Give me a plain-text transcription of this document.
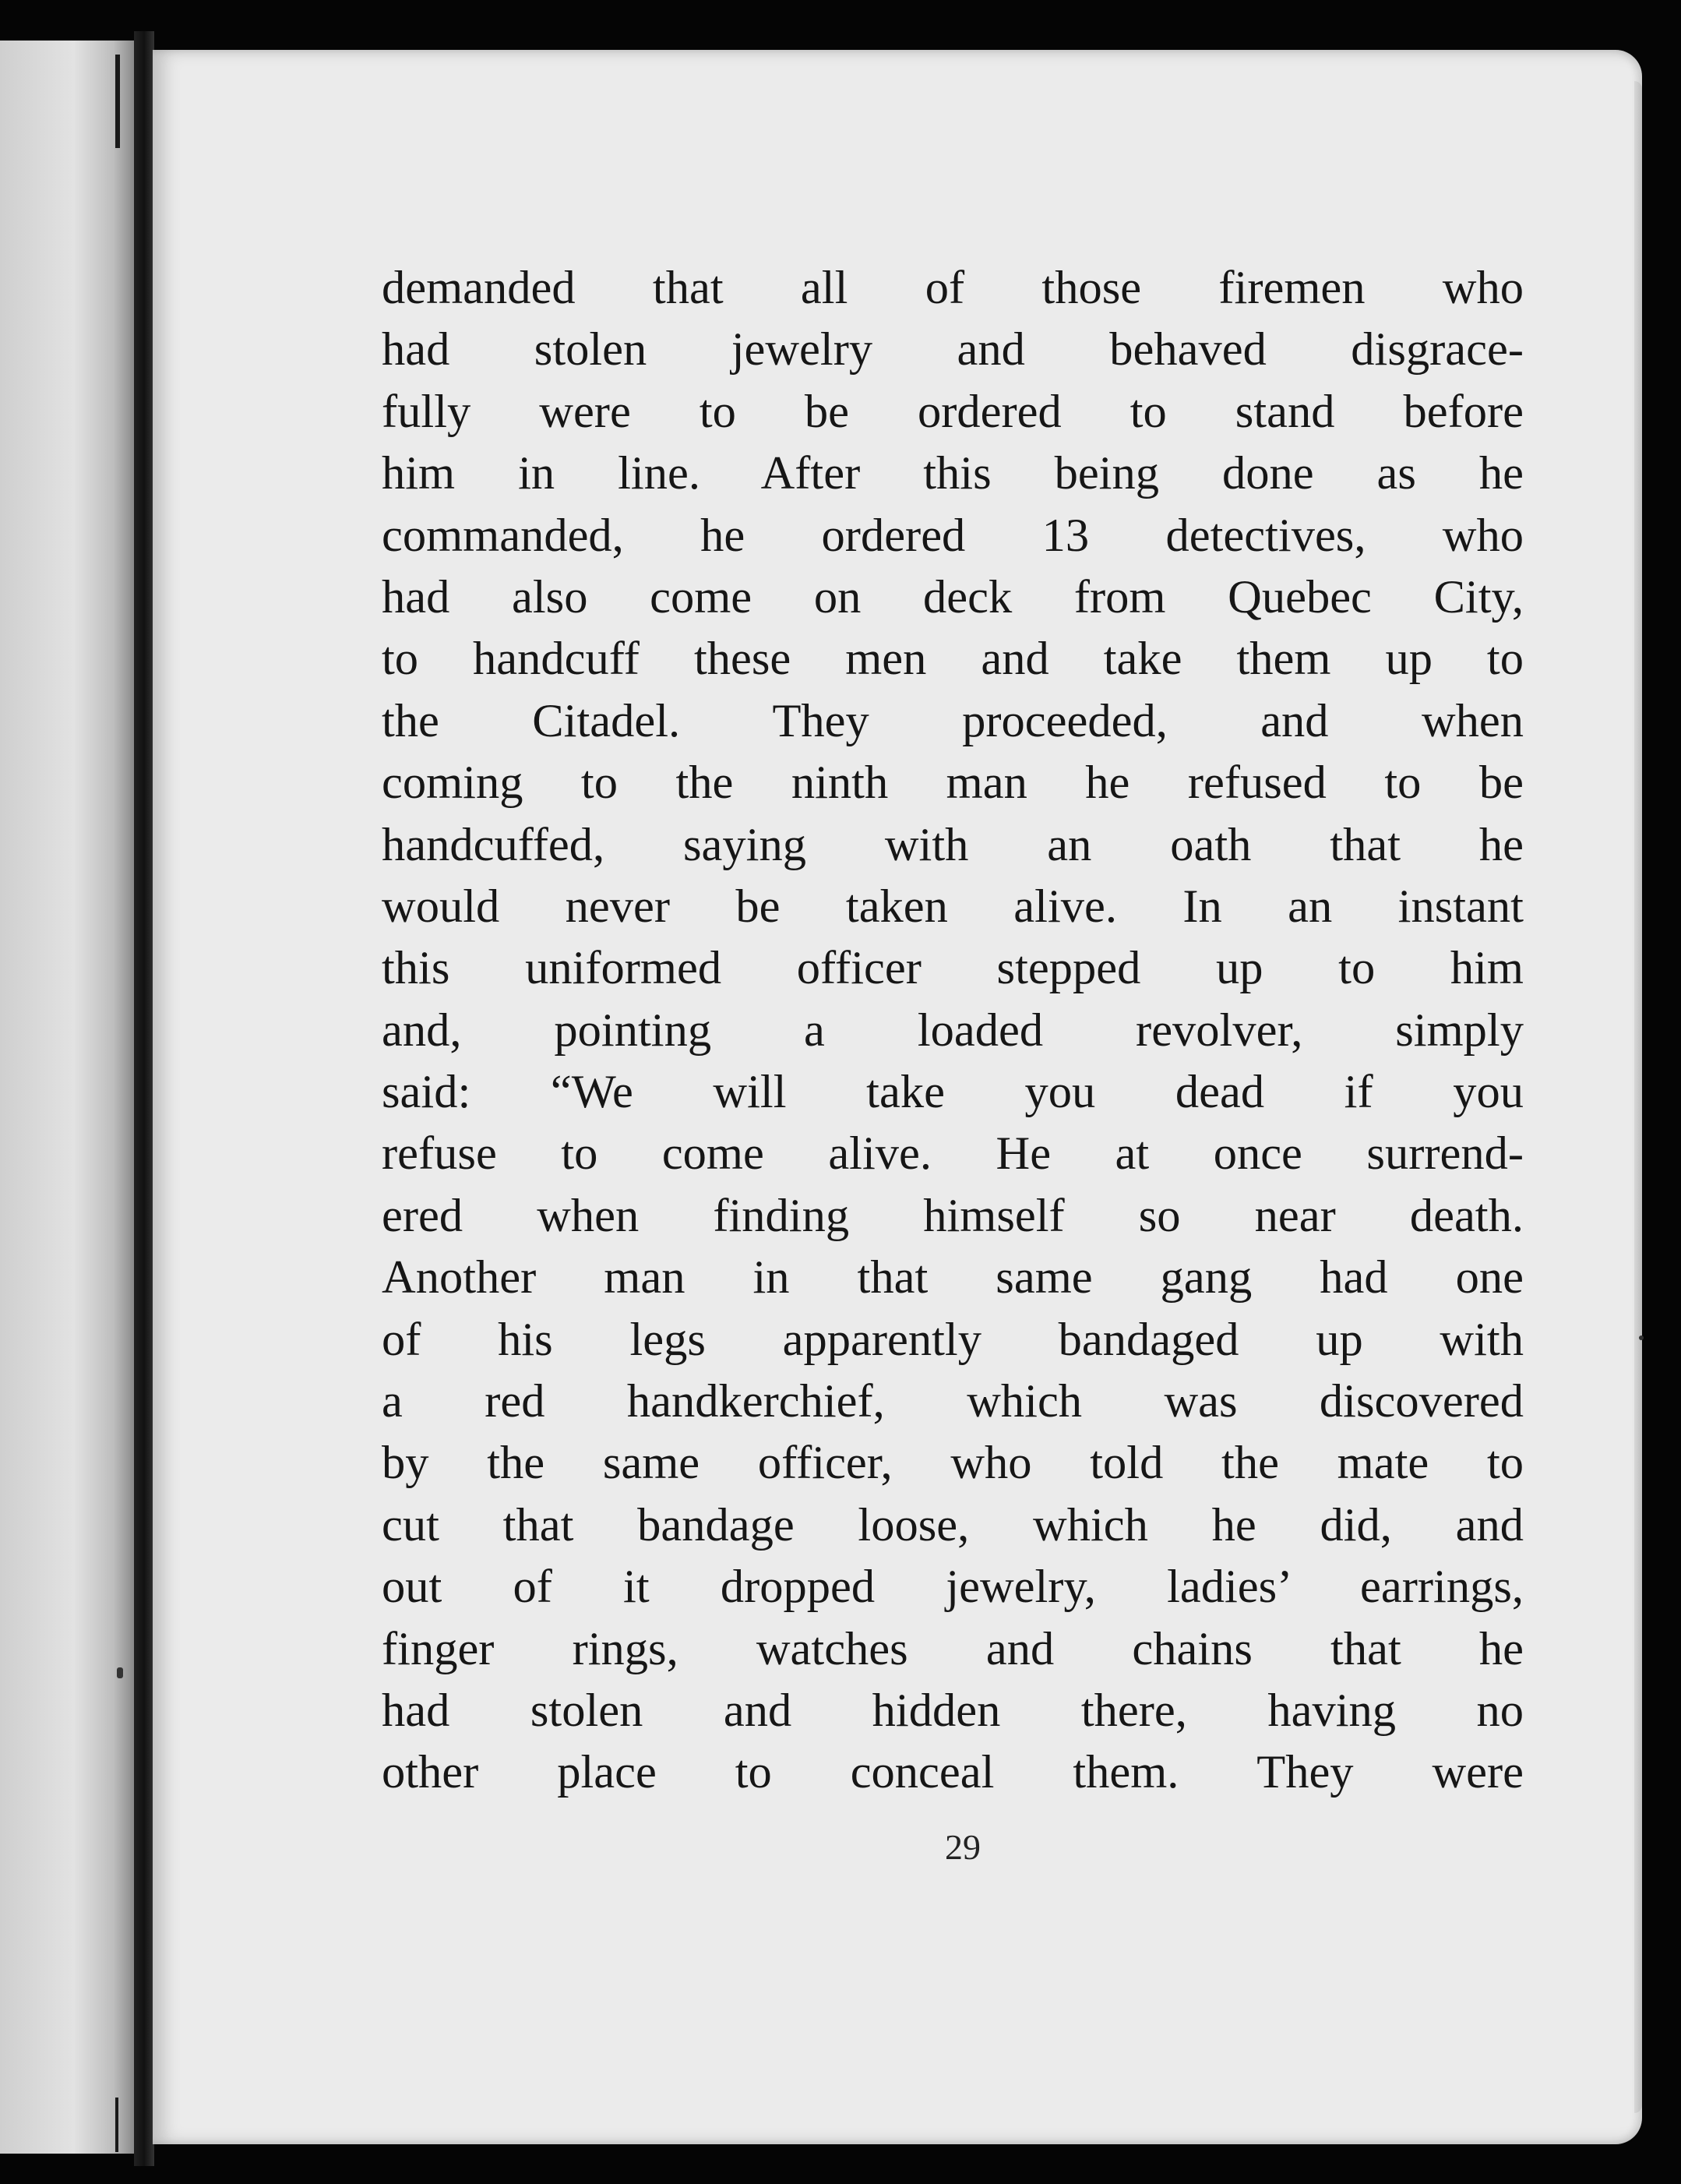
demanded that all of those firemen who
had stolen jewelry and behaved disgrace-
fully were to be ordered to stand before
him in line. After this being done as he
commanded, he ordered 13 detectives, who
had also come on deck from Quebec City,
to handcuff these men and take them up to
the Citadel. They proceeded, and when
coming to the ninth man he refused to be
handcuffed, saying with an oath that he
would never be taken alive. In an instant
this uniformed officer stepped up to him
and, pointing a loaded revolver, simply
said: “We will take you dead if you
refuse to come alive. He at once surrend-
ered when finding himself so near death.
Another man in that same gang had one
of his legs apparently bandaged up with
a red handkerchief, which was discovered
by the same officer, who told the mate to
cut that bandage loose, which he did, and
out of it dropped jewelry, ladies’ earrings,
finger rings, watches and chains that he
had stolen and hidden there, having no
other place to conceal them. They were
29
